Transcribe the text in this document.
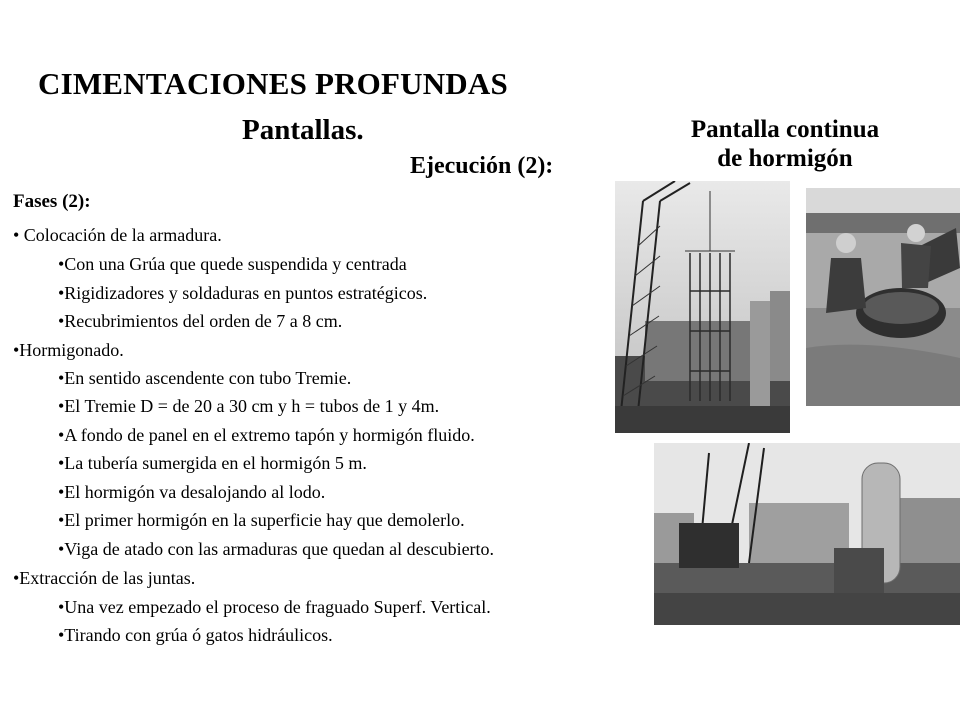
CIMENTACIONES PROFUNDAS
Pantallas.
Ejecución (2):
Pantalla continua
de hormigón
Fases (2):
• Colocación de la armadura.
•Con una Grúa que quede suspendida y centrada
•Rigidizadores y soldaduras en puntos estratégicos.
•Recubrimientos del orden de 7 a 8 cm.
•Hormigonado.
•En sentido ascendente con tubo Tremie.
•El Tremie D = de 20 a 30 cm y h = tubos de 1 y 4m.
•A fondo de panel en el extremo tapón y hormigón fluido.
•La tubería sumergida en el hormigón 5 m.
•El hormigón va desalojando al lodo.
•El primer hormigón en la superficie hay que demolerlo.
•Viga de atado con las armaduras que quedan al descubierto.
•Extracción de las juntas.
•Una vez empezado el proceso de fraguado Superf. Vertical.
•Tirando con grúa ó gatos hidráulicos.
